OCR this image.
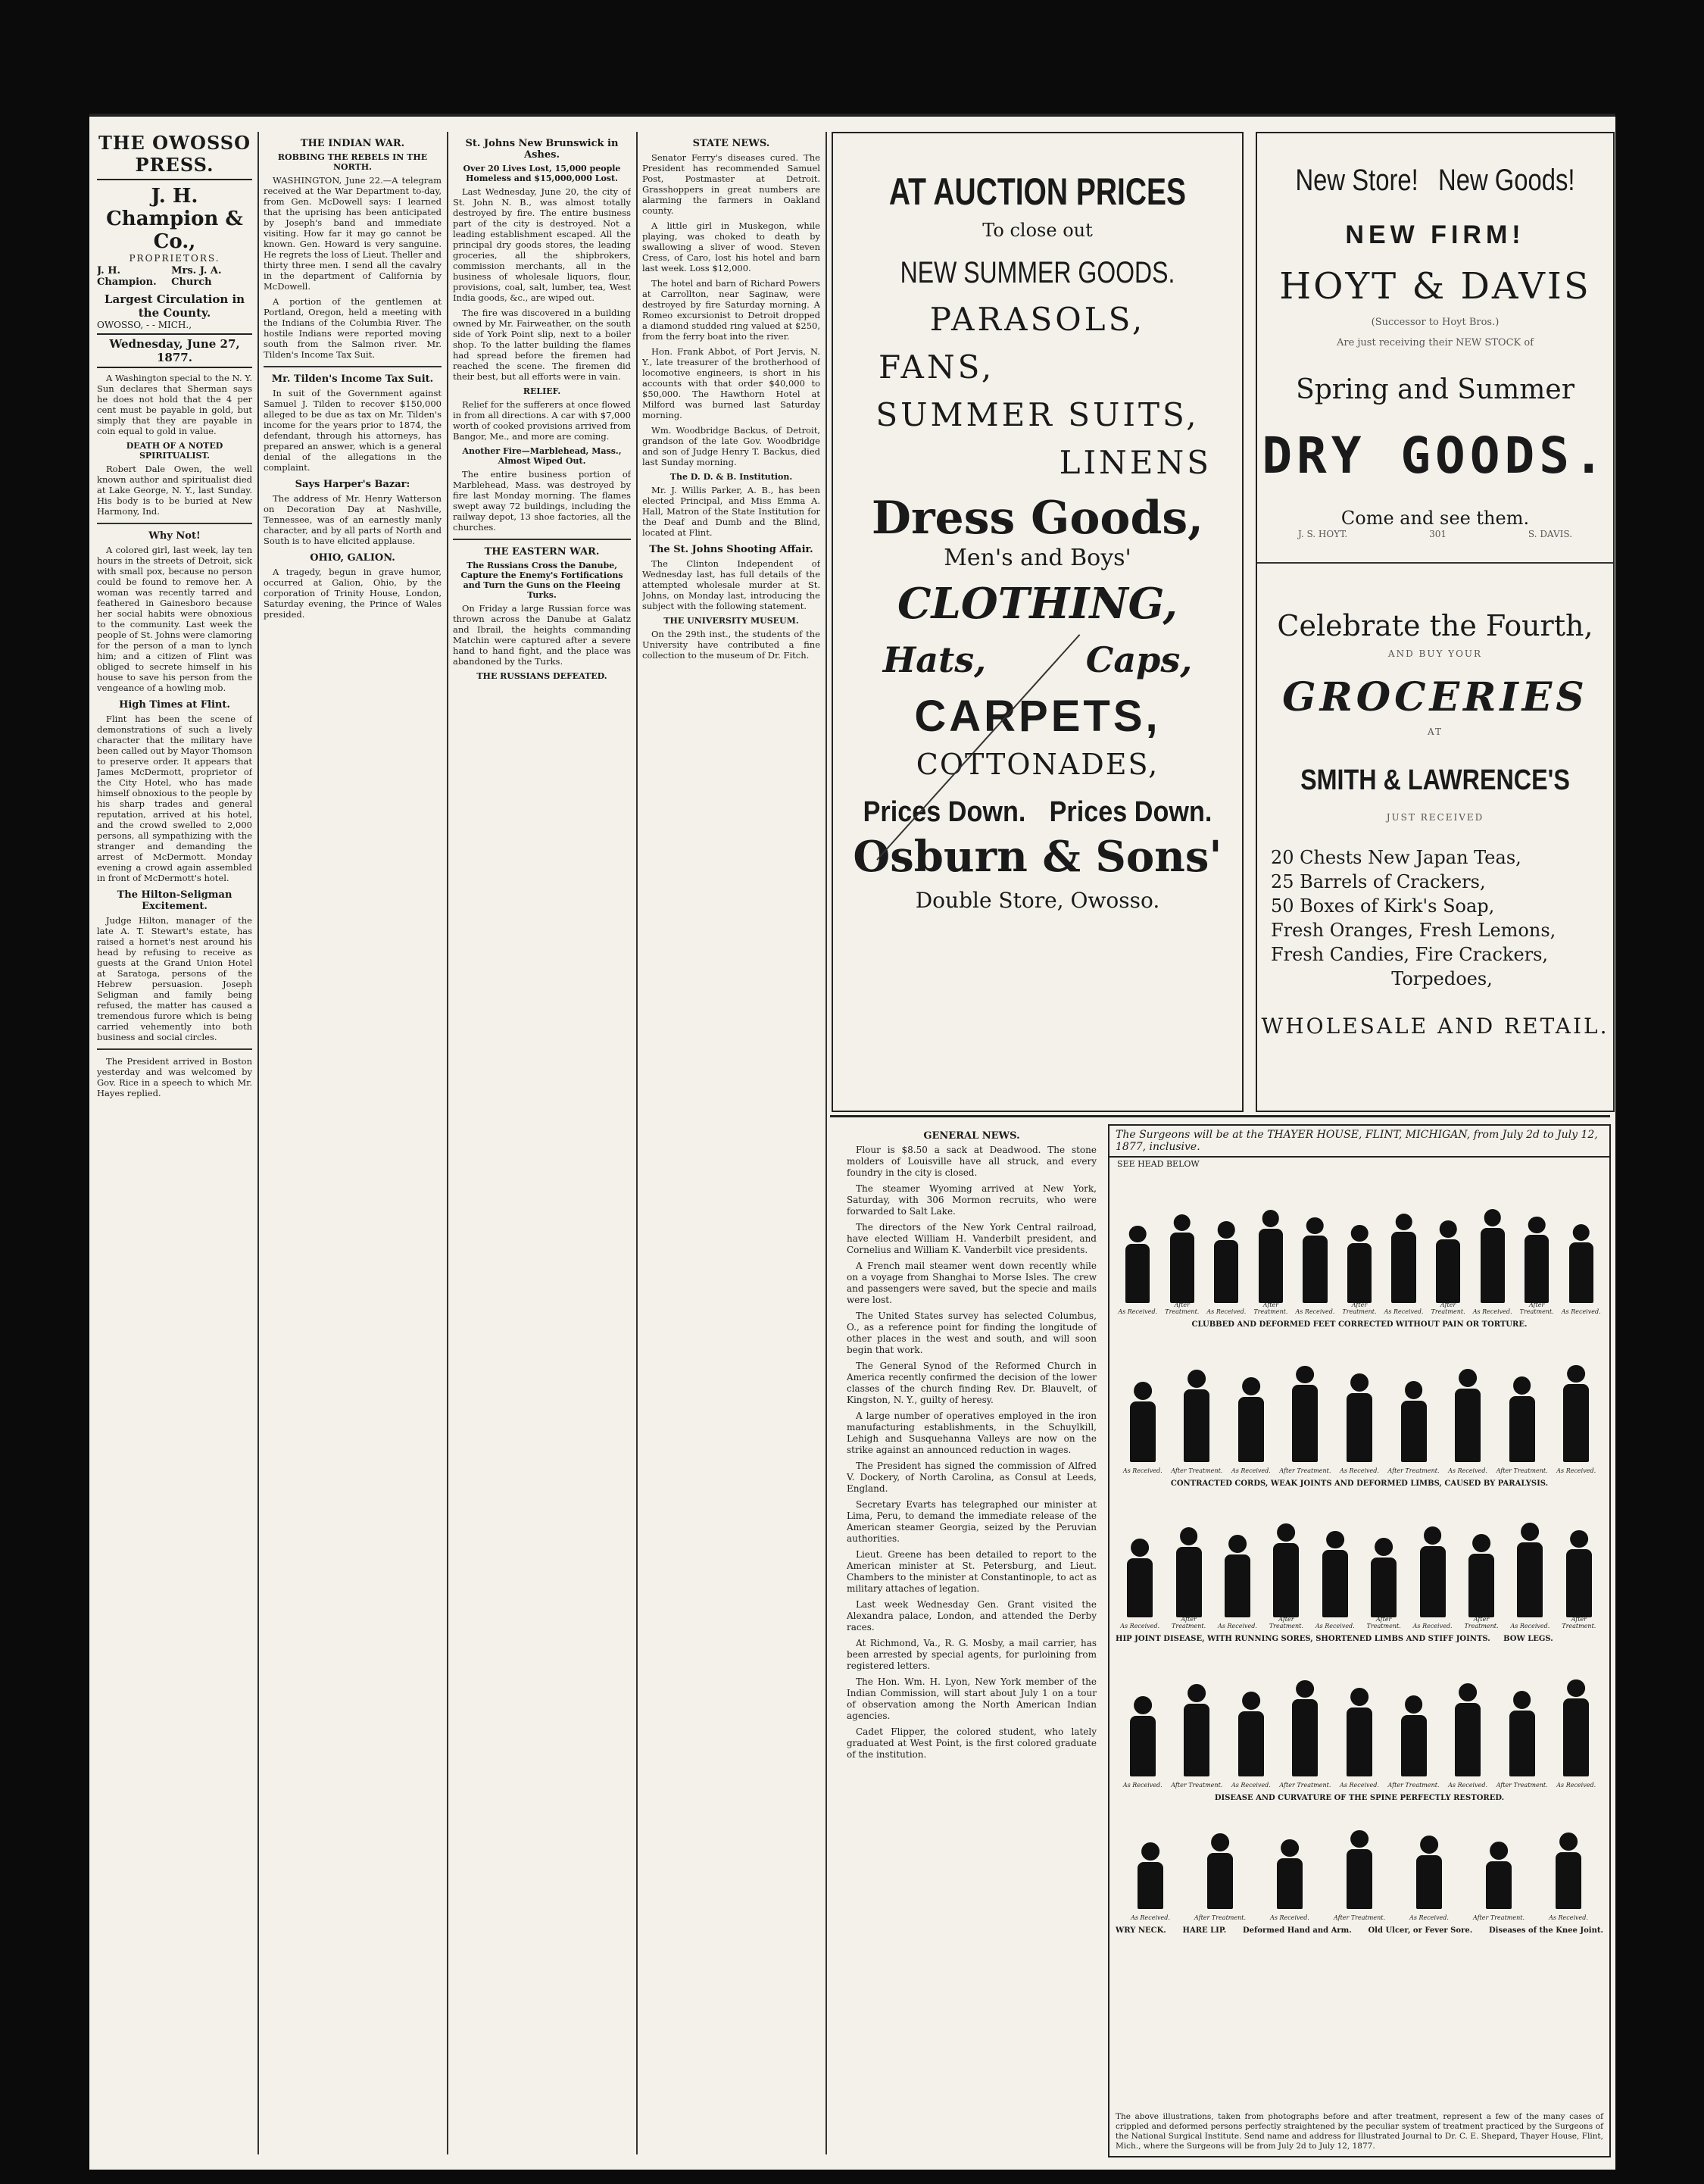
THE OWOSSO PRESS.
J. H. Champion & Co.,
PROPRIETORS.
J. H. Champion.
Mrs. J. A. Church
Largest Circulation in the County.
OWOSSO, - - MICH.,
Wednesday, June 27, 1877.

A Washington special to the N. Y. Sun declares that Sherman says he does not hold that the 4 per cent must be payable in gold, but simply that they are payable in coin equal to gold in value.

DEATH OF A NOTED SPIRITUALIST.

Robert Dale Owen, the well known author and spiritualist died at Lake George, N. Y., last Sunday. His body is to be buried at New Harmony, Ind.

Why Not!

A colored girl, last week, lay ten hours in the streets of Detroit, sick with small pox, because no person could be found to remove her. A woman was recently tarred and feathered in Gainesboro because her social habits were obnoxious to the community. Last week the people of St. Johns were clamoring for the person of a man to lynch him; and a citizen of Flint was obliged to secrete himself in his house to save his person from the vengeance of a howling mob.

High Times at Flint.

Flint has been the scene of demonstrations of such a lively character that the military have been called out by Mayor Thomson to preserve order. It appears that James McDermott, proprietor of the City Hotel, who has made himself obnoxious to the people by his sharp trades and general reputation, arrived at his hotel, and the crowd swelled to 2,000 persons, all sympathizing with the stranger and demanding the arrest of McDermott. Monday evening a crowd again assembled in front of McDermott's hotel.

The Hilton-Seligman Excitement.

Judge Hilton, manager of the late A. T. Stewart's estate, has raised a hornet's nest around his head by refusing to receive as guests at the Grand Union Hotel at Saratoga, persons of the Hebrew persuasion. Joseph Seligman and family being refused, the matter has caused a tremendous furore which is being carried vehemently into both business and social circles.

The President arrived in Boston yesterday and was welcomed by Gov. Rice in a speech to which Mr. Hayes replied.

THE INDIAN WAR.
ROBBING THE REBELS IN THE NORTH.

WASHINGTON, June 22.—A telegram received at the War Department to-day, from Gen. McDowell says: I learned that the uprising has been anticipated by Joseph's band and immediate visiting. How far it may go cannot be known. Gen. Howard is very sanguine. He regrets the loss of Lieut. Theller and thirty three men. I send all the cavalry in the department of California by McDowell.

A portion of the gentlemen at Portland, Oregon, held a meeting with the Indians of the Columbia River. The hostile Indians were reported moving south from the Salmon river. Mr. Tilden's Income Tax Suit.

Mr. Tilden's Income Tax Suit.

In suit of the Government against Samuel J. Tilden to recover $150,000 alleged to be due as tax on Mr. Tilden's income for the years prior to 1874, the defendant, through his attorneys, has prepared an answer, which is a general denial of the allegations in the complaint.

Says Harper's Bazar:

The address of Mr. Henry Watterson on Decoration Day at Nashville, Tennessee, was of an earnestly manly character, and by all parts of North and South is to have elicited applause.

OHIO, GALION.

A tragedy, begun in grave humor, occurred at Galion, Ohio, by the corporation of Trinity House, London, Saturday evening, the Prince of Wales presided.

St. Johns New Brunswick in Ashes.
Over 20 Lives Lost, 15,000 people Homeless and $15,000,000 Lost.

Last Wednesday, June 20, the city of St. John N. B., was almost totally destroyed by fire. The entire business part of the city is destroyed. Not a leading establishment escaped. All the principal dry goods stores, the leading groceries, all the shipbrokers, commission merchants, all in the business of wholesale liquors, flour, provisions, coal, salt, lumber, tea, West India goods, &c., are wiped out.

The fire was discovered in a building owned by Mr. Fairweather, on the south side of York Point slip, next to a boiler shop. To the latter building the flames had spread before the firemen had reached the scene. The firemen did their best, but all efforts were in vain.

RELIEF.

Relief for the sufferers at once flowed in from all directions. A car with $7,000 worth of cooked provisions arrived from Bangor, Me., and more are coming.

Another Fire—Marblehead, Mass., Almost Wiped Out.

The entire business portion of Marblehead, Mass. was destroyed by fire last Monday morning. The flames swept away 72 buildings, including the railway depot, 13 shoe factories, all the churches.

THE EASTERN WAR.
The Russians Cross the Danube, Capture the Enemy's Fortifications and Turn the Guns on the Fleeing Turks.

On Friday a large Russian force was thrown across the Danube at Galatz and Ibrail, the heights commanding Matchin were captured after a severe hand to hand fight, and the place was abandoned by the Turks.

THE RUSSIANS DEFEATED.
STATE NEWS.

Senator Ferry's diseases cured. The President has recommended Samuel Post, Postmaster at Detroit. Grasshoppers in great numbers are alarming the farmers in Oakland county.

A little girl in Muskegon, while playing, was choked to death by swallowing a sliver of wood. Steven Cress, of Caro, lost his hotel and barn last week. Loss $12,000.

The hotel and barn of Richard Powers at Carrollton, near Saginaw, were destroyed by fire Saturday morning. A Romeo excursionist to Detroit dropped a diamond studded ring valued at $250, from the ferry boat into the river.

Hon. Frank Abbot, of Port Jervis, N. Y., late treasurer of the brotherhood of locomotive engineers, is short in his accounts with that order $40,000 to $50,000. The Hawthorn Hotel at Milford was burned last Saturday morning.

Wm. Woodbridge Backus, of Detroit, grandson of the late Gov. Woodbridge and son of Judge Henry T. Backus, died last Sunday morning.

The D. D. & B. Institution.

Mr. J. Willis Parker, A. B., has been elected Principal, and Miss Emma A. Hall, Matron of the State Institution for the Deaf and Dumb and the Blind, located at Flint.

The St. Johns Shooting Affair.

The Clinton Independent of Wednesday last, has full details of the attempted wholesale murder at St. Johns, on Monday last, introducing the subject with the following statement.

THE UNIVERSITY MUSEUM.

On the 29th inst., the students of the University have contributed a fine collection to the museum of Dr. Fitch.

AT AUCTION PRICES
To close out
NEW SUMMER GOODS.
PARASOLS,
FANS,
SUMMER SUITS,
LINENS
Dress Goods,
Men's and Boys'
CLOTHING,
Hats,	Caps,
CARPETS,
COTTONADES,
Prices Down. Prices Down.
Osburn & Sons'
Double Store, Owosso.
New Store! New Goods!
NEW FIRM!
HOYT & DAVIS
(Successor to Hoyt Bros.)
Are just receiving their NEW STOCK of
Spring and Summer
DRY GOODS.
Come and see them.
J. S. HOYT.	301	S. DAVIS.
Celebrate the Fourth,
AND BUY YOUR
GROCERIES
AT
SMITH & LAWRENCE'S
JUST RECEIVED
20 Chests New Japan Teas,
25 Barrels of Crackers,
50 Boxes of Kirk's Soap,
Fresh Oranges, Fresh Lemons,
Fresh Candies, Fire Crackers,
Torpedoes,
WHOLESALE AND RETAIL.
GENERAL NEWS.

Flour is $8.50 a sack at Deadwood. The stone molders of Louisville have all struck, and every foundry in the city is closed.

The steamer Wyoming arrived at New York, Saturday, with 306 Mormon recruits, who were forwarded to Salt Lake.

The directors of the New York Central railroad, have elected William H. Vanderbilt president, and Cornelius and William K. Vanderbilt vice presidents.

A French mail steamer went down recently while on a voyage from Shanghai to Morse Isles. The crew and passengers were saved, but the specie and mails were lost.

The United States survey has selected Columbus, O., as a reference point for finding the longitude of other places in the west and south, and will soon begin that work.

The General Synod of the Reformed Church in America recently confirmed the decision of the lower classes of the church finding Rev. Dr. Blauvelt, of Kingston, N. Y., guilty of heresy.

A large number of operatives employed in the iron manufacturing establishments, in the Schuylkill, Lehigh and Susquehanna Valleys are now on the strike against an announced reduction in wages.

The President has signed the commission of Alfred V. Dockery, of North Carolina, as Consul at Leeds, England.

Secretary Evarts has telegraphed our minister at Lima, Peru, to demand the immediate release of the American steamer Georgia, seized by the Peruvian authorities.

Lieut. Greene has been detailed to report to the American minister at St. Petersburg, and Lieut. Chambers to the minister at Constantinople, to act as military attaches of legation.

Last week Wednesday Gen. Grant visited the Alexandra palace, London, and attended the Derby races.

At Richmond, Va., R. G. Mosby, a mail carrier, has been arrested by special agents, for purloining from registered letters.

The Hon. Wm. H. Lyon, New York member of the Indian Commission, will start about July 1 on a tour of observation among the North American Indian agencies.

Cadet Flipper, the colored student, who lately graduated at West Point, is the first colored graduate of the institution.

The Surgeons will be at the THAYER HOUSE, FLINT, MICHIGAN, from July 2d to July 12, 1877, inclusive.
SEE HEAD BELOW
As Received.
After Treatment.	As Received.
After Treatment.	As Received.
After Treatment.	As Received.
After Treatment.	As Received.
After Treatment.	As Received.
CLUBBED AND DEFORMED FEET CORRECTED WITHOUT PAIN OR TORTURE.
As Received.	After Treatment.	As Received.	After Treatment.	As Received.	After Treatment.	As Received.	After Treatment.	As Received.
CONTRACTED CORDS, WEAK JOINTS AND DEFORMED LIMBS, CAUSED BY PARALYSIS.
As Received.
After Treatment.	As Received.
After Treatment.	As Received.
After Treatment.	As Received.
After Treatment.	As Received.
After Treatment.
HIP JOINT DISEASE, WITH RUNNING SORES, SHORTENED LIMBS AND STIFF JOINTS. BOW LEGS.
As Received.	After Treatment.	As Received.	After Treatment.	As Received.	After Treatment.	As Received.	After Treatment.	As Received.
DISEASE AND CURVATURE OF THE SPINE PERFECTLY RESTORED.
As Received.	After Treatment.	As Received.	After Treatment.	As Received.	After Treatment.	As Received.
WRY NECK. HARE LIP. Deformed Hand and Arm. Old Ulcer, or Fever Sore. Diseases of the Knee Joint.
The above illustrations, taken from photographs before and after treatment, represent a few of the many cases of crippled and deformed persons perfectly straightened by the peculiar system of treatment practiced by the Surgeons of the National Surgical Institute. Send name and address for Illustrated Journal to Dr. C. E. Shepard, Thayer House, Flint, Mich., where the Surgeons will be from July 2d to July 12, 1877.
